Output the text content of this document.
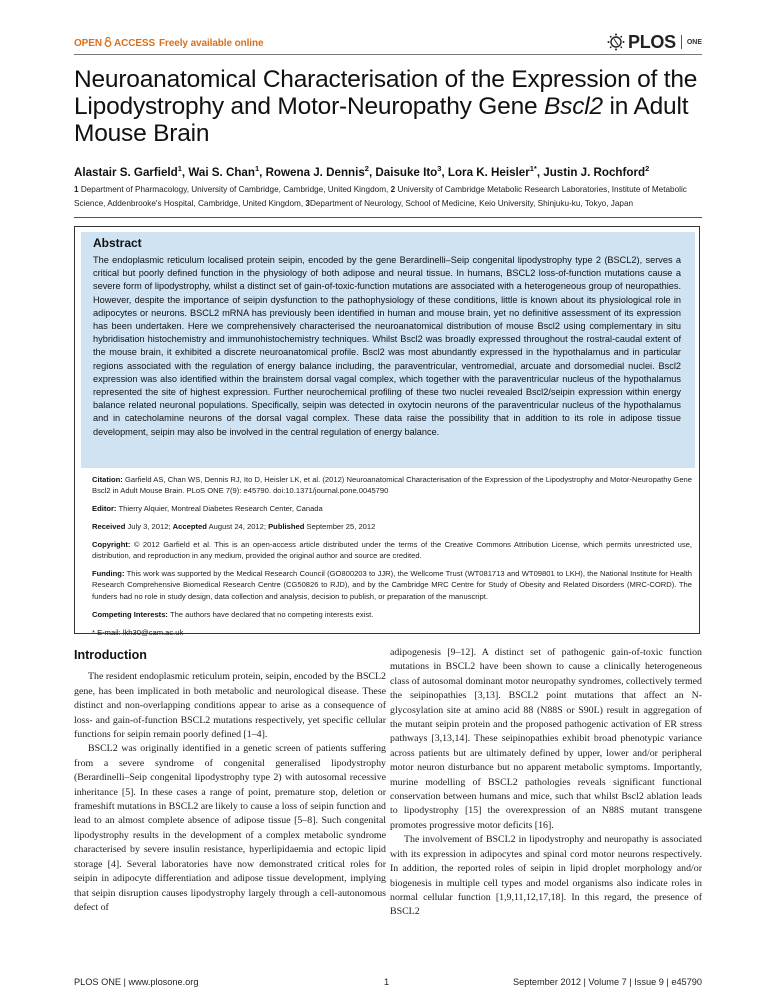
OPEN ACCESS Freely available online	PLOS ONE
Neuroanatomical Characterisation of the Expression of the Lipodystrophy and Motor-Neuropathy Gene Bscl2 in Adult Mouse Brain
Alastair S. Garfield$^1$, Wai S. Chan$^1$, Rowena J. Dennis$^2$, Daisuke Ito$^3$, Lora K. Heisler$^{1*}$, Justin J. Rochford$^2$
1 Department of Pharmacology, University of Cambridge, Cambridge, United Kingdom, 2 University of Cambridge Metabolic Research Laboratories, Institute of Metabolic Science, Addenbrooke's Hospital, Cambridge, United Kingdom, 3Department of Neurology, School of Medicine, Keio University, Shinjuku-ku, Tokyo, Japan
Abstract

The endoplasmic reticulum localised protein seipin, encoded by the gene Berardinelli–Seip congenital lipodystrophy type 2 (BSCL2), serves a critical but poorly defined function in the physiology of both adipose and neural tissue. In humans, BSCL2 loss-of-function mutations cause a severe form of lipodystrophy, whilst a distinct set of gain-of-toxic-function mutations are associated with a heterogeneous group of neuropathies. However, despite the importance of seipin dysfunction to the pathophysiology of these conditions, little is known about its physiological role in adipocytes or neurons. BSCL2 mRNA has previously been identified in human and mouse brain, yet no definitive assessment of its expression has been undertaken. Here we comprehensively characterised the neuroanatomical distribution of mouse Bscl2 using complementary in situ hybridisation histochemistry and immunohistochemistry techniques. Whilst Bscl2 was broadly expressed throughout the rostral-caudal extent of the mouse brain, it exhibited a discrete neuroanatomical profile. Bscl2 was most abundantly expressed in the hypothalamus and in particular regions associated with the regulation of energy balance including, the paraventricular, ventromedial, arcuate and dorsomedial nuclei. Bscl2 expression was also identified within the brainstem dorsal vagal complex, which together with the paraventricular nucleus of the hypothalamus represented the site of highest expression. Further neurochemical profiling of these two nuclei revealed Bscl2/seipin expression within energy balance related neuronal populations. Specifically, seipin was detected in oxytocin neurons of the paraventricular nucleus of the hypothalamus and in catecholamine neurons of the dorsal vagal complex. These data raise the possibility that in addition to its role in adipose tissue development, seipin may also be involved in the central regulation of energy balance.

Citation: Garfield AS, Chan WS, Dennis RJ, Ito D, Heisler LK, et al. (2012) Neuroanatomical Characterisation of the Expression of the Lipodystrophy and Motor-Neuropathy Gene Bscl2 in Adult Mouse Brain. PLoS ONE 7(9): e45790. doi:10.1371/journal.pone.0045790

Editor: Thierry Alquier, Montreal Diabetes Research Center, Canada

Received July 3, 2012; Accepted August 24, 2012; Published September 25, 2012

Copyright: © 2012 Garfield et al. This is an open-access article distributed under the terms of the Creative Commons Attribution License, which permits unrestricted use, distribution, and reproduction in any medium, provided the original author and source are credited.

Funding: This work was supported by the Medical Research Council (GO800203 to JJR), the Wellcome Trust (WT081713 and WT09801 to LKH), the National Institute for Health Research Comprehensive Biomedical Research Centre (CG50826 to RJD), and by the Cambridge MRC Centre for Study of Obesity and Related Disorders (MRC-CORD). The funders had no role in study design, data collection and analysis, decision to publish, or preparation of the manuscript.

Competing Interests: The authors have declared that no competing interests exist.

* E-mail: lkh30@cam.ac.uk

Introduction

The resident endoplasmic reticulum protein, seipin, encoded by the BSCL2 gene, has been implicated in both metabolic and neurological disease. These distinct and non-overlapping conditions appear to arise as a consequence of loss- and gain-of-function BSCL2 mutations respectively, yet specific cellular functions for seipin remain poorly defined [1–4].

BSCL2 was originally identified in a genetic screen of patients suffering from a severe syndrome of congenital generalised lipodystrophy (Berardinelli–Seip congenital lipodystrophy type 2) with autosomal recessive inheritance [5]. In these cases a range of point, premature stop, deletion or frameshift mutations in BSCL2 are likely to cause a loss of seipin function and lead to an almost complete absence of adipose tissue [5–8]. Such congenital lipodystrophy results in the development of a complex metabolic syndrome characterised by severe insulin resistance, hyperlipidaemia and ectopic lipid storage [4]. Several laboratories have now demonstrated critical roles for seipin in adipocyte differentiation and adipose tissue development, implying that seipin disruption causes lipodystrophy largely through a cell-autonomous defect of

adipogenesis [9–12]. A distinct set of pathogenic gain-of-toxic function mutations in BSCL2 have been shown to cause a clinically heterogeneous class of autosomal dominant motor neuropathy syndromes, collectively termed the seipinopathies [3,13]. BSCL2 point mutations that affect an N-glycosylation site at amino acid 88 (N88S or S90L) result in aggregation of the mutant seipin protein and the proposed pathogenic activation of ER stress pathways [3,13,14]. These seipinopathies exhibit broad phenotypic variance across patients but are ultimately defined by upper, lower and/or peripheral motor neuron disturbance but no apparent metabolic symptoms. Importantly, murine modelling of BSCL2 pathologies reveals significant functional conservation between humans and mice, such that whilst Bscl2 ablation leads to lipodystrophy [15] the overexpression of an N88S mutant transgene promotes progressive motor deficits [16].

The involvement of BSCL2 in lipodystrophy and neuropathy is associated with its expression in adipocytes and spinal cord motor neurons respectively. In addition, the reported roles of seipin in lipid droplet morphology and/or biogenesis in multiple cell types and model organisms also indicate roles in normal cellular function [1,9,11,12,17,18]. In this regard, the presence of BSCL2

PLOS ONE | www.plosone.org	1	September 2012 | Volume 7 | Issue 9 | e45790
